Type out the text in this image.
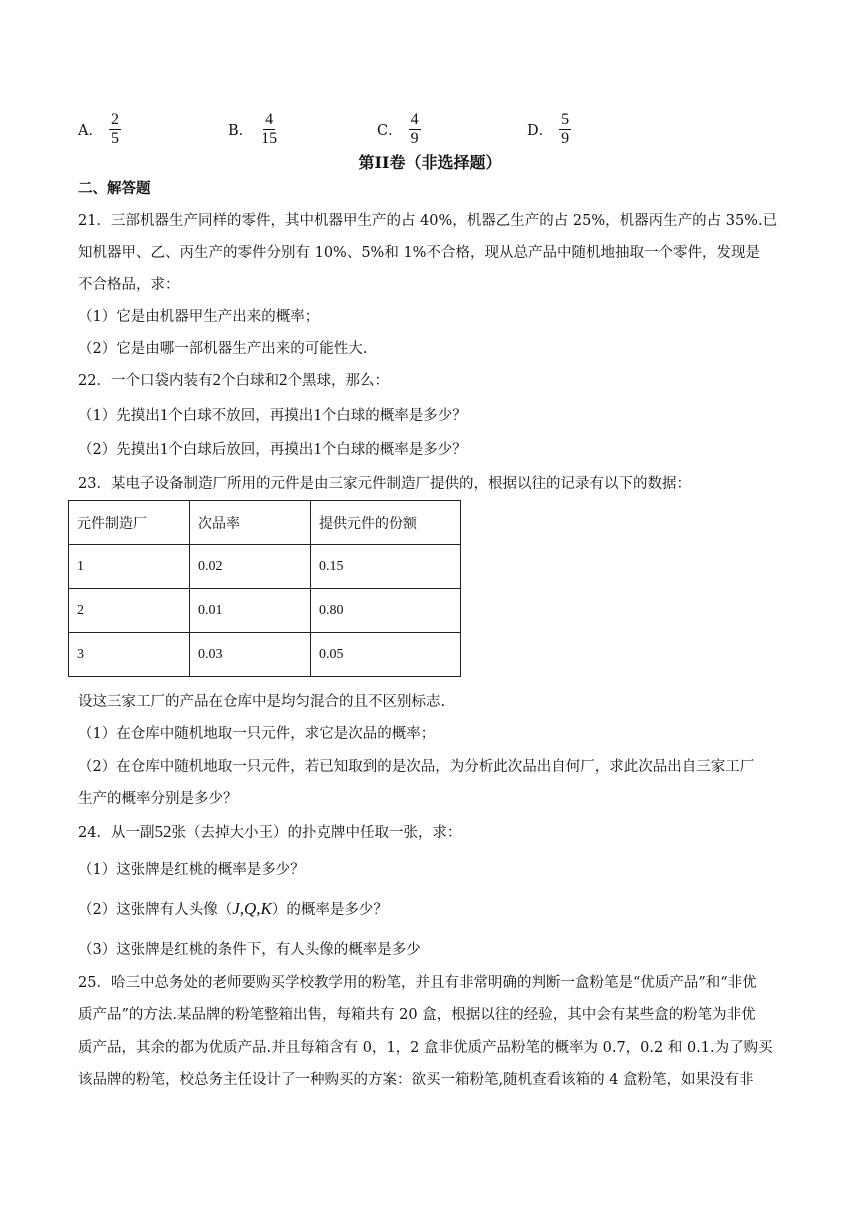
A． $\frac{2}{5}$	B． $\frac{4}{15}$	C． $\frac{4}{9}$	D． $\frac{5}{9}$
第II卷（非选择题）
二、解答题
21．三部机器生产同样的零件，其中机器甲生产的占 40%，机器乙生产的占 25%，机器丙生产的占 35%.已
知机器甲、乙、丙生产的零件分别有 10%、5%和 1%不合格，现从总产品中随机地抽取一个零件，发现是
不合格品，求：
（1）它是由机器甲生产出来的概率；
（2）它是由哪一部机器生产出来的可能性大.
22．一个口袋内装有2个白球和2个黑球，那么：
（1）先摸出1个白球不放回，再摸出1个白球的概率是多少？
（2）先摸出1个白球后放回，再摸出1个白球的概率是多少？
23．某电子设备制造厂所用的元件是由三家元件制造厂提供的，根据以往的记录有以下的数据：
元件制造厂	次品率	提供元件的份额
1	0.02	0.15
2	0.01	0.80
3	0.03	0.05
设这三家工厂的产品在仓库中是均匀混合的且不区别标志.
（1）在仓库中随机地取一只元件，求它是次品的概率；
（2）在仓库中随机地取一只元件，若已知取到的是次品，为分析此次品出自何厂，求此次品出自三家工厂
生产的概率分别是多少？
24．从一副52张（去掉大小王）的扑克牌中任取一张，求：
（1）这张牌是红桃的概率是多少？
（2）这张牌有人头像（J,Q,K）的概率是多少？
（3）这张牌是红桃的条件下，有人头像的概率是多少
25．哈三中总务处的老师要购买学校教学用的粉笔，并且有非常明确的判断一盒粉笔是“优质产品”和“非优
质产品”的方法.某品牌的粉笔整箱出售，每箱共有 20 盒，根据以往的经验，其中会有某些盒的粉笔为非优
质产品，其余的都为优质产品.并且每箱含有 0，1，2 盒非优质产品粉笔的概率为 0.7，0.2 和 0.1.为了购买
该品牌的粉笔，校总务主任设计了一种购买的方案：欲买一箱粉笔,随机查看该箱的 4 盒粉笔，如果没有非
